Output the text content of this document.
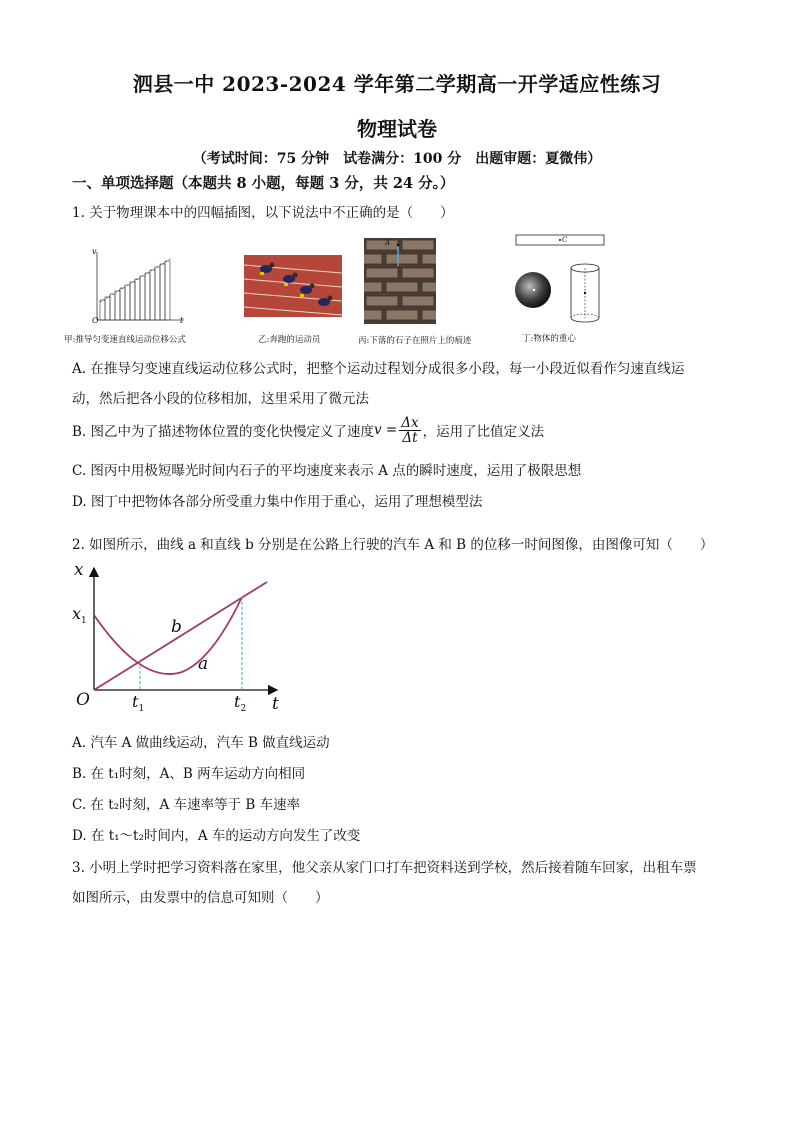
泗县一中 2023-2024 学年第二学期高一开学适应性练习
物理试卷
（考试时间：75 分钟　试卷满分：100 分　出题审题：夏微伟）
一、单项选择题（本题共 8 小题，每题 3 分，共 24 分。）
1. 关于物理课本中的四幅插图，以下说法中不正确的是（　　）
v
t
O
甲:推导匀变速直线运动位移公式	乙:奔跑的运动员
A
丙:下落的石子在照片上的痕迹
C
丁:物体的重心
A. 在推导匀变速直线运动位移公式时，把整个运动过程划分成很多小段，每一小段近似看作匀速直线运
动，然后把各小段的位移相加，这里采用了微元法
B. 图乙中为了描述物体位置的变化快慢定义了速度 $v = \frac{\Delta x}{\Delta t}$ ，运用了比值定义法
C. 图丙中用极短曝光时间内石子的平均速度来表示 A 点的瞬时速度，运用了极限思想
D. 图丁中把物体各部分所受重力集中作用于重心，运用了理想模型法
2. 如图所示，曲线 a 和直线 b 分别是在公路上行驶的汽车 A 和 B 的位移一时间图像，由图像可知（　　）
x
t
O
$x_1$
$t_1$	$t_2$
a
b
A. 汽车 A 做曲线运动，汽车 B 做直线运动
B. 在 t₁时刻，A、B 两车运动方向相同
C. 在 t₂时刻，A 车速率等于 B 车速率
D. 在 t₁～t₂时间内，A 车的运动方向发生了改变
3. 小明上学时把学习资料落在家里，他父亲从家门口打车把资料送到学校，然后接着随车回家，出租车票
如图所示，由发票中的信息可知则（　　）
